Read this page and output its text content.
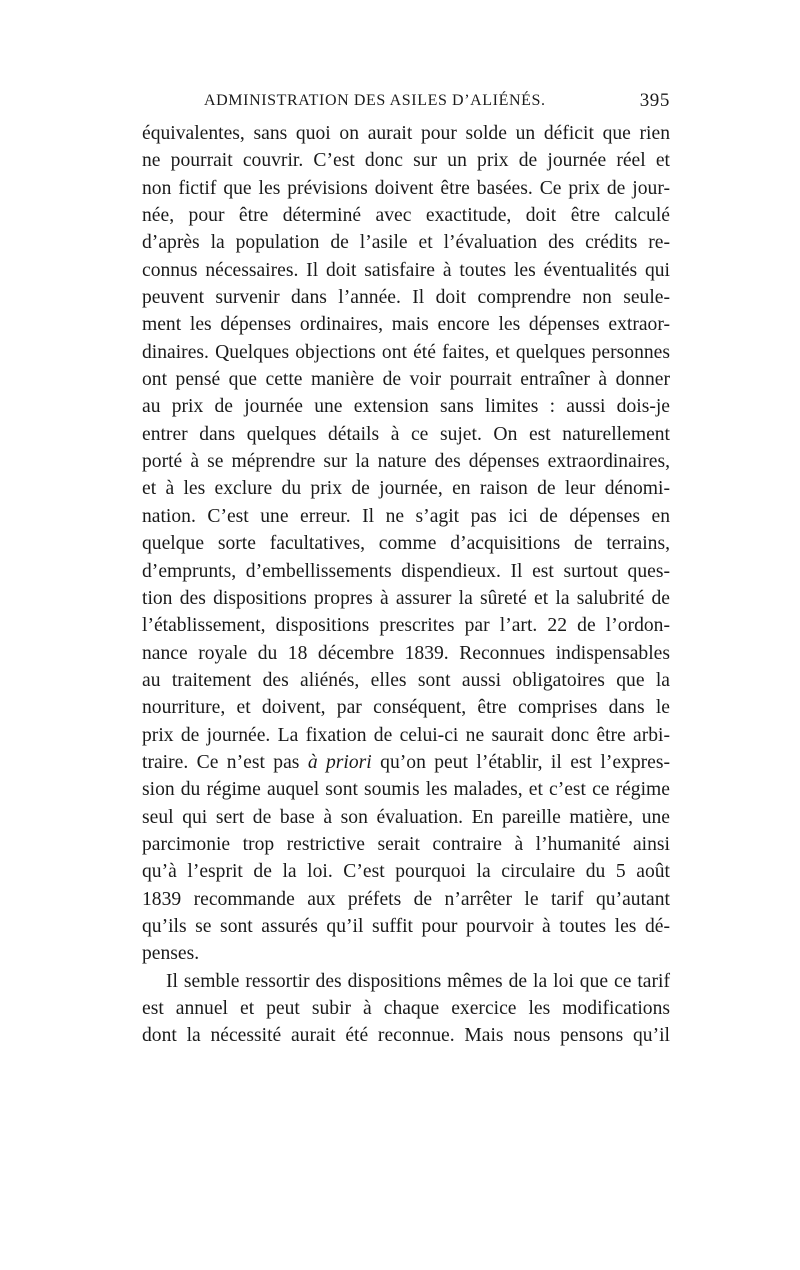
ADMINISTRATION DES ASILES D’ALIÉNÉS.	395
équivalentes, sans quoi on aurait pour solde un déficit que rien
ne pourrait couvrir. C’est donc sur un prix de journée réel et
non fictif que les prévisions doivent être basées. Ce prix de jour-
née, pour être déterminé avec exactitude, doit être calculé
d’après la population de l’asile et l’évaluation des crédits re-
connus nécessaires. Il doit satisfaire à toutes les éventualités qui
peuvent survenir dans l’année. Il doit comprendre non seule-
ment les dépenses ordinaires, mais encore les dépenses extraor-
dinaires. Quelques objections ont été faites, et quelques personnes
ont pensé que cette manière de voir pourrait entraîner à donner
au prix de journée une extension sans limites : aussi dois-je
entrer dans quelques détails à ce sujet. On est naturellement
porté à se méprendre sur la nature des dépenses extraordinaires,
et à les exclure du prix de journée, en raison de leur dénomi-
nation. C’est une erreur. Il ne s’agit pas ici de dépenses en
quelque sorte facultatives, comme d’acquisitions de terrains,
d’emprunts, d’embellissements dispendieux. Il est surtout ques-
tion des dispositions propres à assurer la sûreté et la salubrité de
l’établissement, dispositions prescrites par l’art. 22 de l’ordon-
nance royale du 18 décembre 1839. Reconnues indispensables
au traitement des aliénés, elles sont aussi obligatoires que la
nourriture, et doivent, par conséquent, être comprises dans le
prix de journée. La fixation de celui-ci ne saurait donc être arbi-
traire. Ce n’est pas à priori qu’on peut l’établir, il est l’expres-
sion du régime auquel sont soumis les malades, et c’est ce régime
seul qui sert de base à son évaluation. En pareille matière, une
parcimonie trop restrictive serait contraire à l’humanité ainsi
qu’à l’esprit de la loi. C’est pourquoi la circulaire du 5 août
1839 recommande aux préfets de n’arrêter le tarif qu’autant
qu’ils se sont assurés qu’il suffit pour pourvoir à toutes les dé-
penses.
Il semble ressortir des dispositions mêmes de la loi que ce tarif
est annuel et peut subir à chaque exercice les modifications
dont la nécessité aurait été reconnue. Mais nous pensons qu’il
